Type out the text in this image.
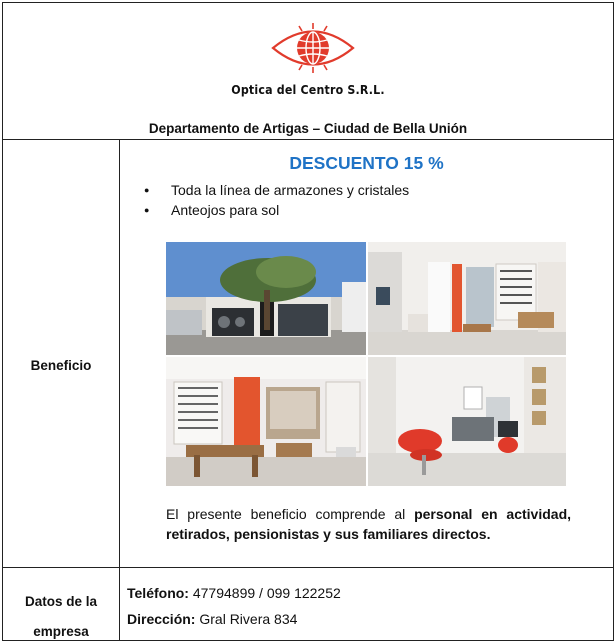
Optica del Centro S.R.L.
Departamento de Artigas – Ciudad de Bella Unión
Beneficio
DESCUENTO 15 %
● Toda la línea de armazones y cristales
● Anteojos para sol

El presente beneficio comprende al personal en actividad, retirados, pensionistas y sus familiares directos.

Datos de la
empresa
Teléfono: 47794899 / 099 122252
Dirección: Gral Rivera 834
